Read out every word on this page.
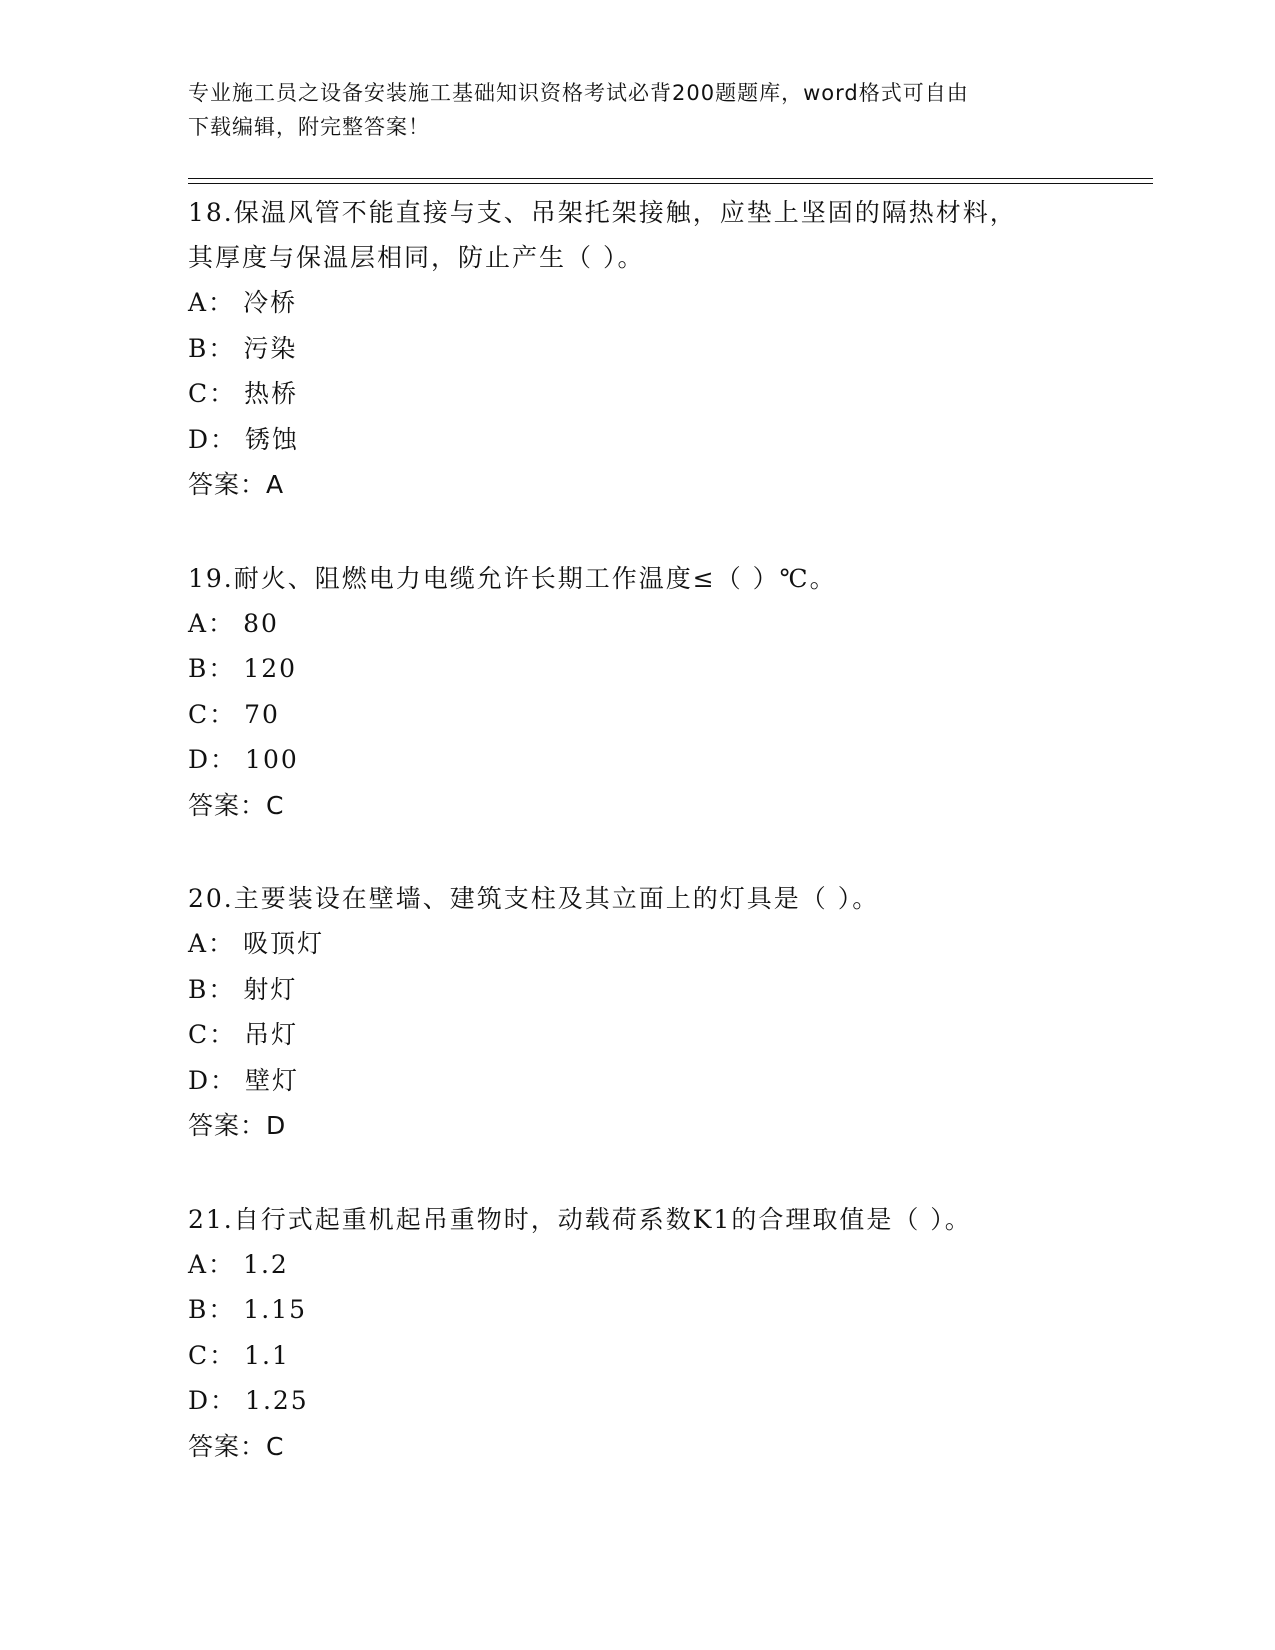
专业施工员之设备安装施工基础知识资格考试必背200题题库，word格式可自由
下载编辑，附完整答案！
18.保温风管不能直接与支、吊架托架接触，应垫上坚固的隔热材料，
其厚度与保温层相同，防止产生（ ）。
A： 冷桥
B： 污染
C： 热桥
D： 锈蚀
答案：A
19.耐火、阻燃电力电缆允许长期工作温度≤（ ）℃。
A： 80
B： 120
C： 70
D： 100
答案：C
20.主要装设在壁墙、建筑支柱及其立面上的灯具是（ ）。
A： 吸顶灯
B： 射灯
C： 吊灯
D： 壁灯
答案：D
21.自行式起重机起吊重物时，动载荷系数K1的合理取值是（ ）。
A： 1.2
B： 1.15
C： 1.1
D： 1.25
答案：C
